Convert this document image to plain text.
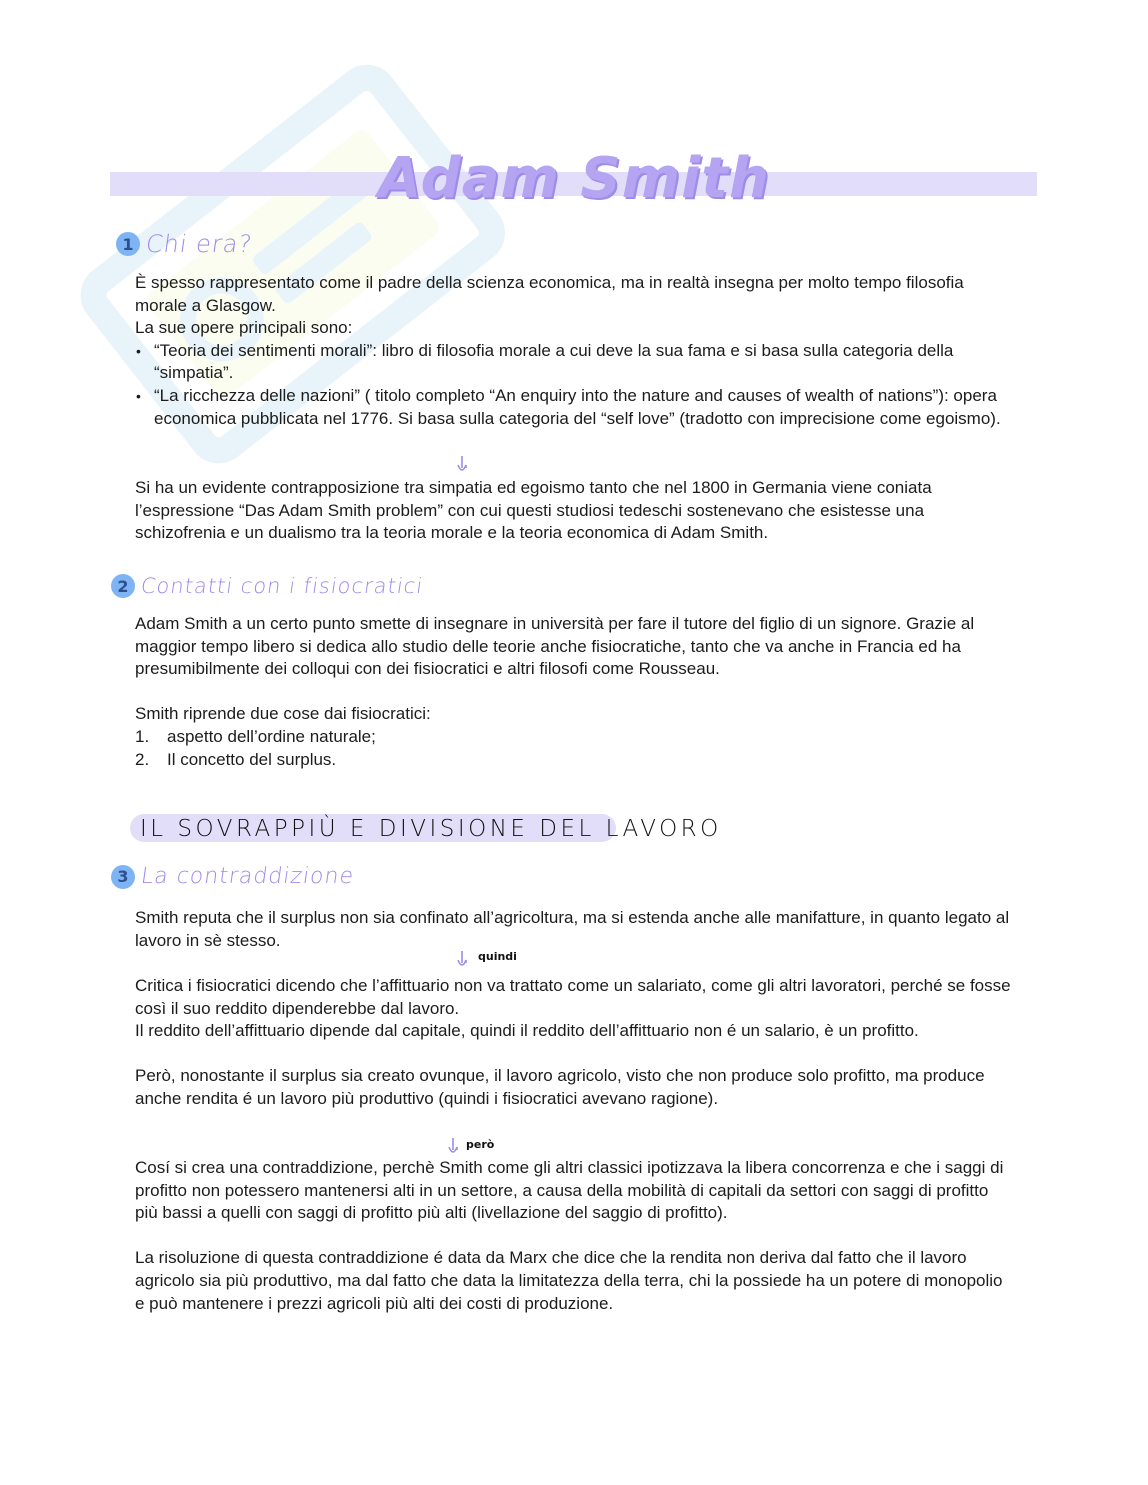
Adam Smith
1 Chi era?

È spesso rappresentato come il padre della scienza economica, ma in realtà insegna per molto tempo filosofia morale a Glasgow.

La sue opere principali sono:

• “Teoria dei sentimenti morali”: libro di filosofia morale a cui deve la sua fama e si basa sulla categoria della “simpatia”.
• “La ricchezza delle nazioni” ( titolo completo “An enquiry into the nature and causes of wealth of nations”): opera economica pubblicata nel 1776. Si basa sulla categoria del “self love” (tradotto con imprecisione come egoismo).

Si ha un evidente contrapposizione tra simpatia ed egoismo tanto che nel 1800 in Germania viene coniata l’espressione “Das Adam Smith problem” con cui questi studiosi tedeschi sostenevano che esistesse una schizofrenia e un dualismo tra la teoria morale e la teoria economica di Adam Smith.

2 Contatti con i fisiocratici

Adam Smith a un certo punto smette di insegnare in università per fare il tutore del figlio di un signore. Grazie al maggior tempo libero si dedica allo studio delle teorie anche fisiocratiche, tanto che va anche in Francia ed ha presumibilmente dei colloqui con dei fisiocratici e altri filosofi come Rousseau.

Smith riprende due cose dai fisiocratici:

1.	aspetto dell’ordine naturale;
2.	Il concetto del surplus.
IL SOVRAPPIÙ E DIVISIONE DEL LAVORO
3 La contraddizione

Smith reputa che il surplus non sia confinato all’agricoltura, ma si estenda anche alle manifatture, in quanto legato al lavoro in sè stesso.

quindi

Critica i fisiocratici dicendo che l’affittuario non va trattato come un salariato, come gli altri lavoratori, perché se fosse così il suo reddito dipenderebbe dal lavoro.

Il reddito dell’affittuario dipende dal capitale, quindi il reddito dell’affittuario non é un salario, è un profitto.

Però, nonostante il surplus sia creato ovunque, il lavoro agricolo, visto che non produce solo profitto, ma produce anche rendita é un lavoro più produttivo (quindi i fisiocratici avevano ragione).

però

Cosí si crea una contraddizione, perchè Smith come gli altri classici ipotizzava la libera concorrenza e che i saggi di profitto non potessero mantenersi alti in un settore, a causa della mobilità di capitali da settori con saggi di profitto più bassi a quelli con saggi di profitto più alti (livellazione del saggio di profitto).

La risoluzione di questa contraddizione é data da Marx che dice che la rendita non deriva dal fatto che il lavoro agricolo sia più produttivo, ma dal fatto che data la limitatezza della terra, chi la possiede ha un potere di monopolio e può mantenere i prezzi agricoli più alti dei costi di produzione.
